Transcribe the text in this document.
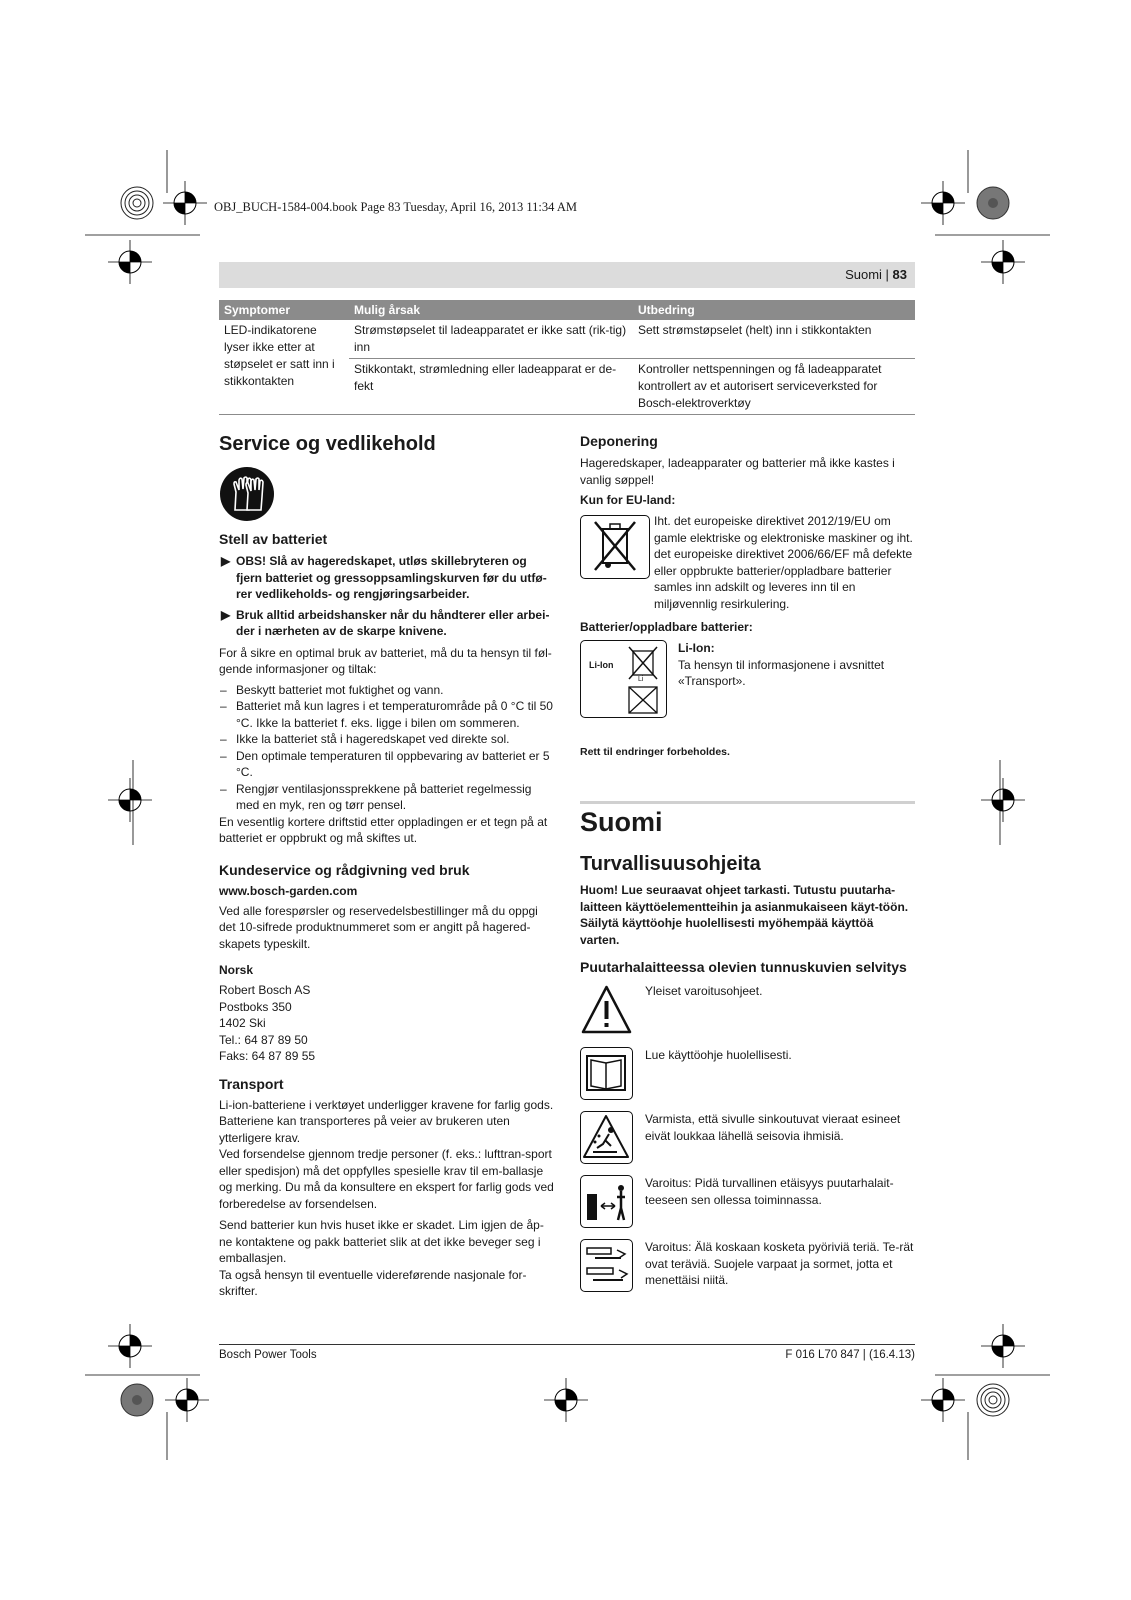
OBJ_BUCH-1584-004.book Page 83 Tuesday, April 16, 2013 11:34 AM
Suomi | 83
Symptomer	Mulig årsak	Utbedring
LED-indikatorene lyser ikke etter at støpselet er satt inn i stikkontakten	Strømstøpselet til ladeapparatet er ikke satt (rik-tig) inn	Sett strømstøpselet (helt) inn i stikkontakten
	Stikkontakt, strømledning eller ladeapparat er de-fekt	Kontroller nettspenningen og få ladeapparatet kontrollert av et autorisert serviceverksted for Bosch-elektroverktøy
Service og vedlikehold
Stell av batteriet
▶ OBS! Slå av hageredskapet, utløs skillebryteren og fjern batteriet og gressoppsamlingskurven før du utfø-rer vedlikeholds- og rengjøringsarbeider.
▶ Bruk alltid arbeidshansker når du håndterer eller arbei-der i nærheten av de skarpe knivene.

For å sikre en optimal bruk av batteriet, må du ta hensyn til føl-gende informasjoner og tiltak:

– Beskytt batteriet mot fuktighet og vann.
– Batteriet må kun lagres i et temperaturområde på 0 °C til 50 °C. Ikke la batteriet f. eks. ligge i bilen om sommeren.
– Ikke la batteriet stå i hageredskapet ved direkte sol.
– Den optimale temperaturen til oppbevaring av batteriet er 5 °C.
– Rengjør ventilasjonssprekkene på batteriet regelmessig med en myk, ren og tørr pensel.

En vesentlig kortere driftstid etter oppladingen er et tegn på at batteriet er oppbrukt og må skiftes ut.

Kundeservice og rådgivning ved bruk
www.bosch-garden.com

Ved alle forespørsler og reservedelsbestillinger må du oppgi det 10-sifrede produktnummeret som er angitt på hagered-skapets typeskilt.

Norsk
Robert Bosch AS
Postboks 350
1402 Ski
Tel.: 64 87 89 50
Faks: 64 87 89 55
Transport

Li-ion-batteriene i verktøyet underligger kravene for farlig gods. Batteriene kan transporteres på veier av brukeren uten ytterligere krav.

Ved forsendelse gjennom tredje personer (f. eks.: lufttran-sport eller spedisjon) må det oppfylles spesielle krav til em-ballasje og merking. Du må da konsultere en ekspert for farlig gods ved forberedelse av forsendelsen.

Send batterier kun hvis huset ikke er skadet. Lim igjen de åp-ne kontaktene og pakk batteriet slik at det ikke beveger seg i emballasjen.

Ta også hensyn til eventuelle videreførende nasjonale for-skrifter.

Deponering

Hageredskaper, ladeapparater og batterier må ikke kastes i vanlig søppel!

Kun for EU-land:

Iht. det europeiske direktivet 2012/19/EU om gamle elektriske og elektroniske maskiner og iht. det europeiske direktivet 2006/66/EF må defekte eller oppbrukte batterier/oppladbare batterier samles inn adskilt og leveres inn til en miljøvennlig resirkulering.

Batterier/oppladbare batterier:
Li-Ion
Li
Li-Ion:

Ta hensyn til informasjonene i avsnittet «Transport».

Rett til endringer forbeholdes.
Suomi
Turvallisuusohjeita

Huom! Lue seuraavat ohjeet tarkasti. Tutustu puutarha-laitteen käyttöelementteihin ja asianmukaiseen käyt-töön. Säilytä käyttöohje huolellisesti myöhempää käyttöä varten.

Puutarhalaitteessa olevien tunnuskuvien selvitys

Yleiset varoitusohjeet.

Lue käyttöohje huolellisesti.

Varmista, että sivulle sinkoutuvat vieraat esineet eivät loukkaa lähellä seisovia ihmisiä.

Varoitus: Pidä turvallinen etäisyys puutarhalait-teeseen sen ollessa toiminnassa.

Varoitus: Älä koskaan kosketa pyöriviä teriä. Te-rät ovat teräviä. Suojele varpaat ja sormet, jotta et menettäisi niitä.

Bosch Power Tools	F 016 L70 847 | (16.4.13)
